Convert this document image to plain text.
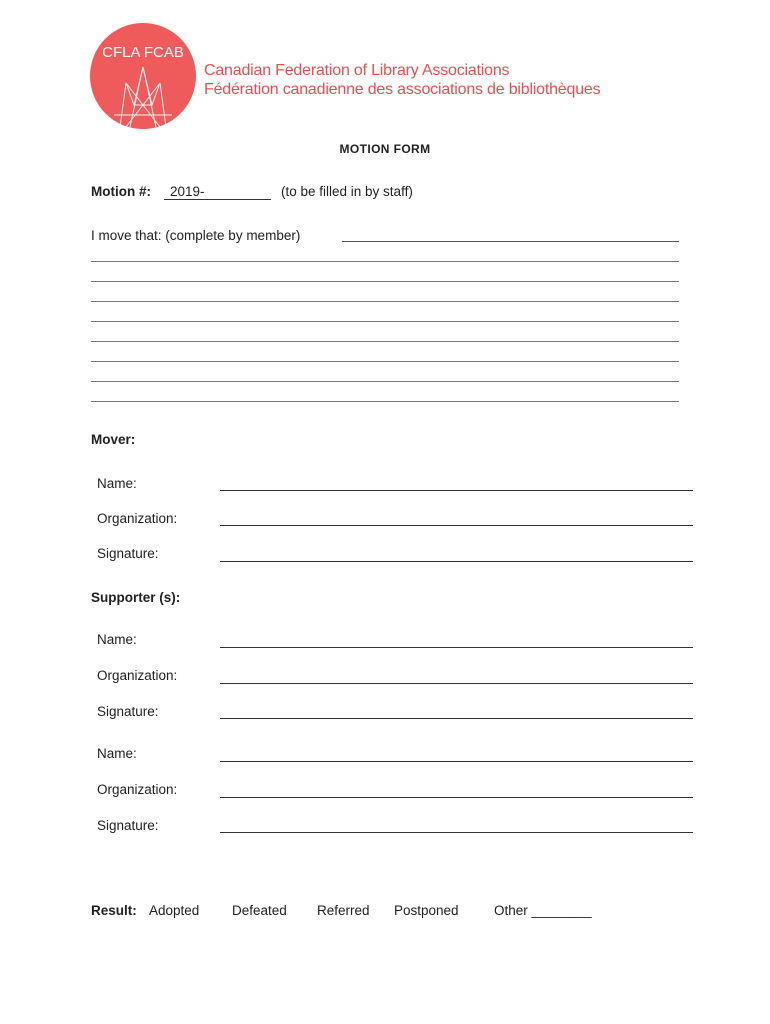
CFLA FCAB
Canadian Federation of Library Associations
Fédération canadienne des associations de bibliothèques
MOTION FORM
Motion #:	2019-	(to be filled in by staff)
I move that: (complete by member)
Mover:
Name:
Organization:
Signature:
Supporter (s):
Name:
Organization:
Signature:
Name:
Organization:
Signature:
Result: Adopted Defeated Referred Postponed	Other ________
